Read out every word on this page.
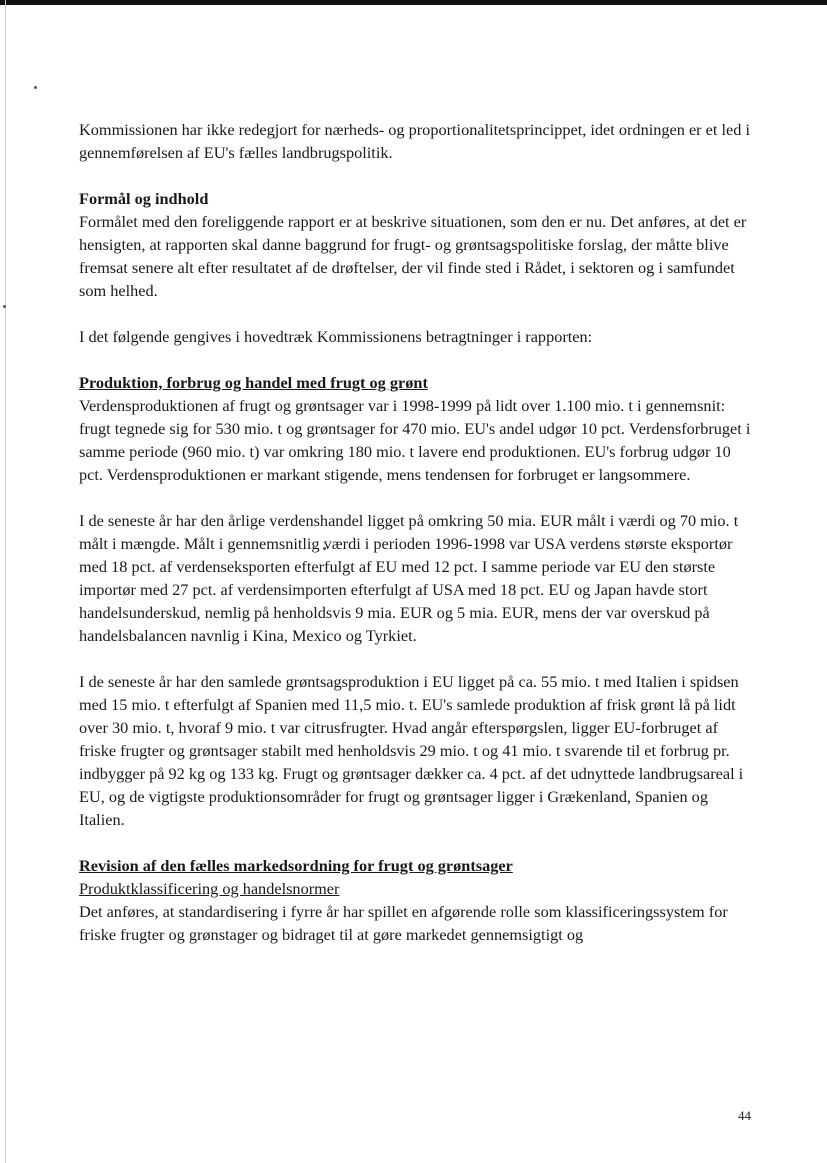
Kommissionen har ikke redegjort for nærheds- og proportionalitetsprincippet, idet ordningen er et led i gennemførelsen af EU's fælles landbrugspolitik.

Formål og indhold

Formålet med den foreliggende rapport er at beskrive situationen, som den er nu. Det anføres, at det er hensigten, at rapporten skal danne baggrund for frugt- og grøntsagspolitiske forslag, der måtte blive fremsat senere alt efter resultatet af de drøftelser, der vil finde sted i Rådet, i sektoren og i samfundet som helhed.

I det følgende gengives i hovedtræk Kommissionens betragtninger i rapporten:

Produktion, forbrug og handel med frugt og grønt

Verdensproduktionen af frugt og grøntsager var i 1998-1999 på lidt over 1.100 mio. t i gennemsnit: frugt tegnede sig for 530 mio. t og grøntsager for 470 mio. EU's andel udgør 10 pct. Verdensforbruget i samme periode (960 mio. t) var omkring 180 mio. t lavere end produktionen. EU's forbrug udgør 10 pct. Verdensproduktionen er markant stigende, mens tendensen for forbruget er langsommere.

I de seneste år har den årlige verdenshandel ligget på omkring 50 mia. EUR målt i værdi og 70 mio. t målt i mængde. Målt i gennemsnitlig værdi i perioden 1996-1998 var USA verdens største eksportør med 18 pct. af verdenseksporten efterfulgt af EU med 12 pct. I samme periode var EU den største importør med 27 pct. af verdensimporten efterfulgt af USA med 18 pct. EU og Japan havde stort handelsunderskud, nemlig på henholdsvis 9 mia. EUR og 5 mia. EUR, mens der var overskud på handelsbalancen navnlig i Kina, Mexico og Tyrkiet.

I de seneste år har den samlede grøntsagsproduktion i EU ligget på ca. 55 mio. t med Italien i spidsen med 15 mio. t efterfulgt af Spanien med 11,5 mio. t. EU's samlede produktion af frisk grønt lå på lidt over 30 mio. t, hvoraf 9 mio. t var citrusfrugter. Hvad angår efterspørgslen, ligger EU-forbruget af friske frugter og grøntsager stabilt med henholdsvis 29 mio. t og 41 mio. t svarende til et forbrug pr. indbygger på 92 kg og 133 kg. Frugt og grøntsager dækker ca. 4 pct. af det udnyttede landbrugsareal i EU, og de vigtigste produktionsområder for frugt og grøntsager ligger i Grækenland, Spanien og Italien.

Revision af den fælles markedsordning for frugt og grøntsager
Produktklassificering og handelsnormer

Det anføres, at standardisering i fyrre år har spillet en afgørende rolle som klassificeringssystem for friske frugter og grønstager og bidraget til at gøre markedet gennemsigtigt og

44
